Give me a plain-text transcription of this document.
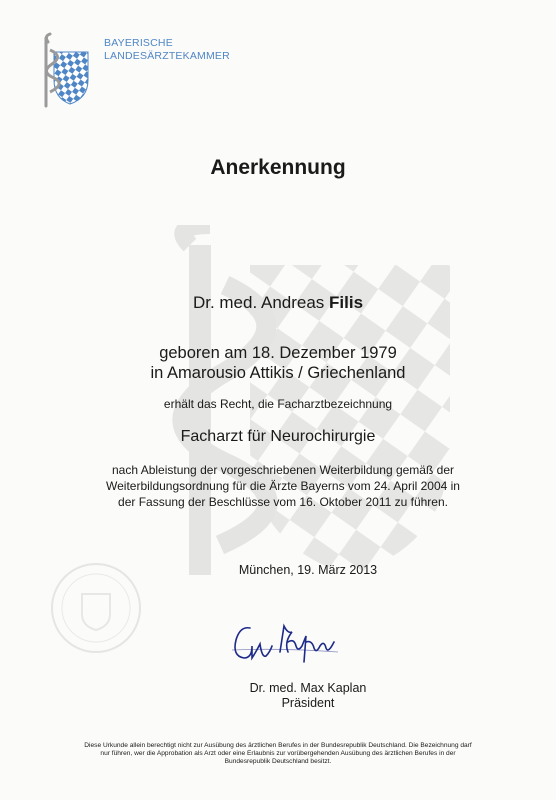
BAYERISCHE
LANDESÄRZTEKAMMER
Anerkennung
Dr. med. Andreas Filis
geboren am 18. Dezember 1979
in Amarousio Attikis / Griechenland
erhält das Recht, die Facharztbezeichnung
Facharzt für Neurochirurgie
nach Ableistung der vorgeschriebenen Weiterbildung gemäß der
Weiterbildungsordnung für die Ärzte Bayerns vom 24. April 2004 in
der Fassung der Beschlüsse vom 16. Oktober 2011 zu führen.
München, 19. März 2013
Dr. med. Max Kaplan
Präsident
Diese Urkunde allein berechtigt nicht zur Ausübung des ärztlichen Berufes in der Bundesrepublik Deutschland. Die Bezeichnung darf
nur führen, wer die Approbation als Arzt oder eine Erlaubnis zur vorübergehenden Ausübung des ärztlichen Berufes in der
Bundesrepublik Deutschland besitzt.
